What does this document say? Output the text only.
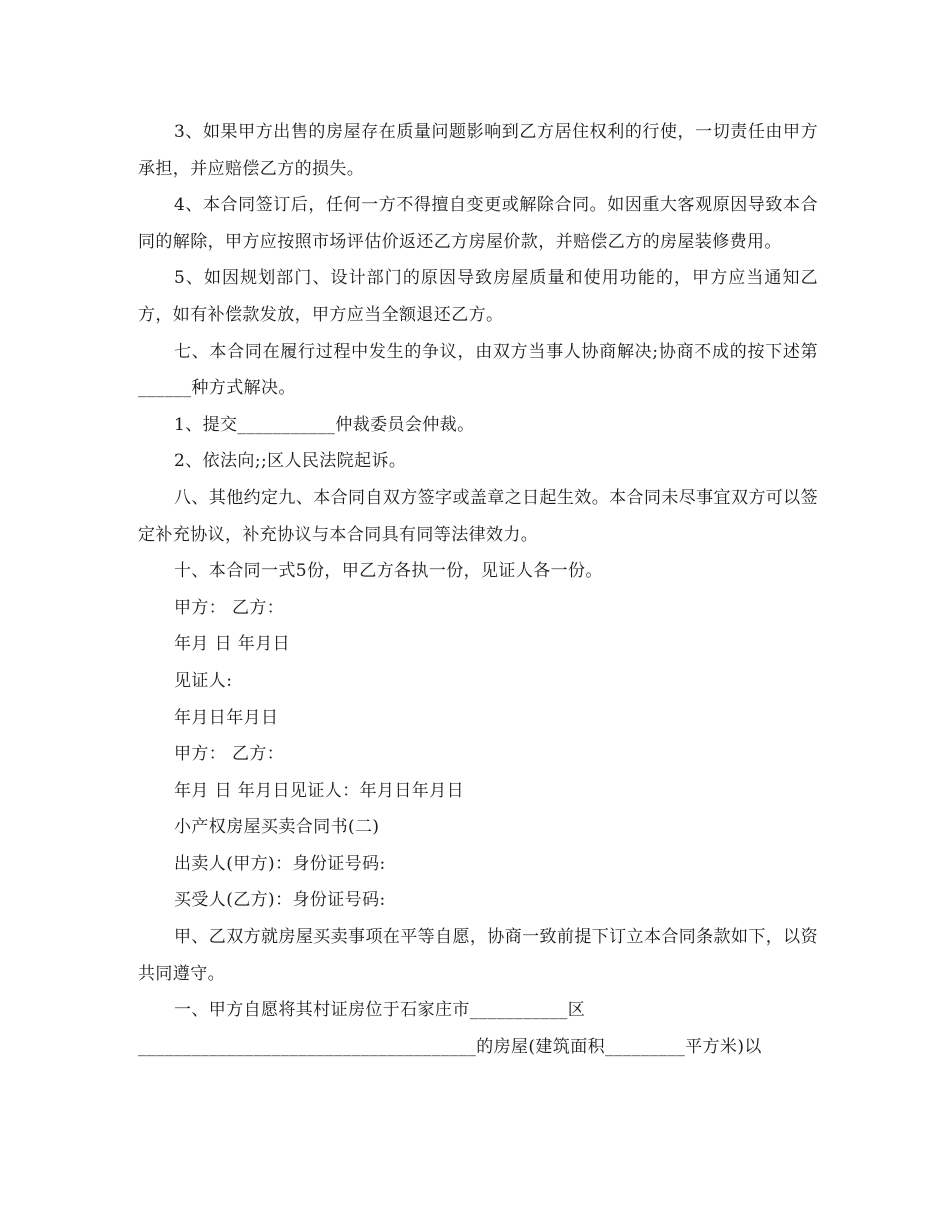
3、如果甲方出售的房屋存在质量问题影响到乙方居住权利的行使，一切责任由甲方承担，并应赔偿乙方的损失。

4、本合同签订后，任何一方不得擅自变更或解除合同。如因重大客观原因导致本合同的解除，甲方应按照市场评估价返还乙方房屋价款，并赔偿乙方的房屋装修费用。

5、如因规划部门、设计部门的原因导致房屋质量和使用功能的，甲方应当通知乙方，如有补偿款发放，甲方应当全额退还乙方。

七、本合同在履行过程中发生的争议，由双方当事人协商解决;协商不成的按下述第______种方式解决。

1、提交___________仲裁委员会仲裁。

2、依法向;;区人民法院起诉。

八、其他约定九、本合同自双方签字或盖章之日起生效。本合同未尽事宜双方可以签定补充协议，补充协议与本合同具有同等法律效力。

十、本合同一式5份，甲乙方各执一份，见证人各一份。

甲方： 乙方：

年月 日 年月日

见证人:

年月日年月日

甲方： 乙方：

年月 日 年月日见证人：年月日年月日

小产权房屋买卖合同书(二)

出卖人(甲方)：身份证号码:

买受人(乙方)：身份证号码:

甲、乙双方就房屋买卖事项在平等自愿，协商一致前提下订立本合同条款如下，以资共同遵守。

一、甲方自愿将其村证房位于石家庄市___________区

______________________________________的房屋(建筑面积_________平方米)以
